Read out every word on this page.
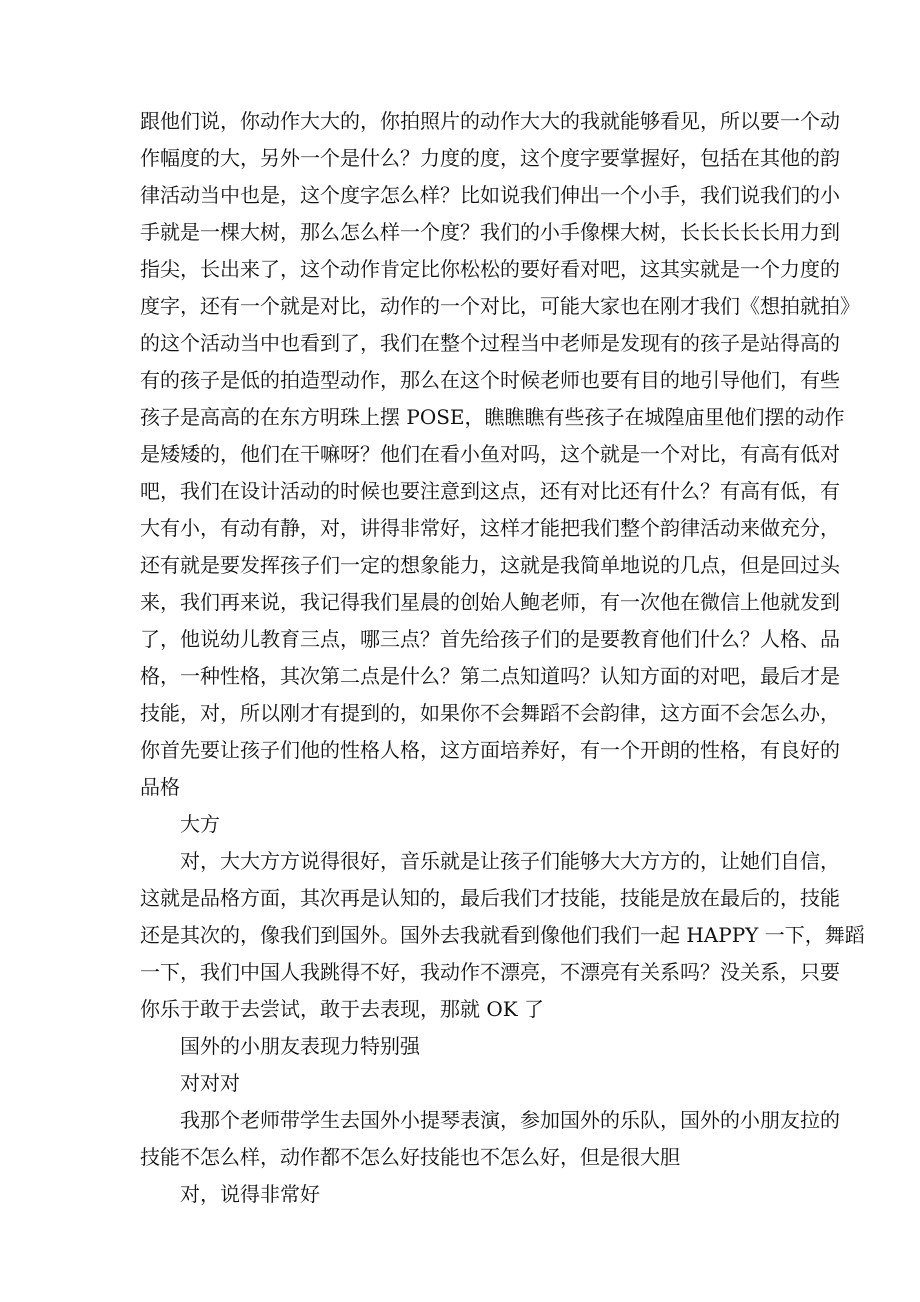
跟他们说，你动作大大的，你拍照片的动作大大的我就能够看见，所以要一个动
作幅度的大，另外一个是什么？力度的度，这个度字要掌握好，包括在其他的韵
律活动当中也是，这个度字怎么样？比如说我们伸出一个小手，我们说我们的小
手就是一棵大树，那么怎么样一个度？我们的小手像棵大树，长长长长长用力到
指尖，长出来了，这个动作肯定比你松松的要好看对吧，这其实就是一个力度的
度字，还有一个就是对比，动作的一个对比，可能大家也在刚才我们《想拍就拍》
的这个活动当中也看到了，我们在整个过程当中老师是发现有的孩子是站得高的
有的孩子是低的拍造型动作，那么在这个时候老师也要有目的地引导他们，有些
孩子是高高的在东方明珠上摆 POSE，瞧瞧瞧有些孩子在城隍庙里他们摆的动作
是矮矮的，他们在干嘛呀？他们在看小鱼对吗，这个就是一个对比，有高有低对
吧，我们在设计活动的时候也要注意到这点，还有对比还有什么？有高有低，有
大有小，有动有静，对，讲得非常好，这样才能把我们整个韵律活动来做充分，
还有就是要发挥孩子们一定的想象能力，这就是我简单地说的几点，但是回过头
来，我们再来说，我记得我们星晨的创始人鲍老师，有一次他在微信上他就发到
了，他说幼儿教育三点，哪三点？首先给孩子们的是要教育他们什么？人格、品
格，一种性格，其次第二点是什么？第二点知道吗？认知方面的对吧，最后才是
技能，对，所以刚才有提到的，如果你不会舞蹈不会韵律，这方面不会怎么办，
你首先要让孩子们他的性格人格，这方面培养好，有一个开朗的性格，有良好的
品格

大方

　　对，大大方方说得很好，音乐就是让孩子们能够大大方方的，让她们自信，
这就是品格方面，其次再是认知的，最后我们才技能，技能是放在最后的，技能
还是其次的，像我们到国外。国外去我就看到像他们我们一起 HAPPY 一下，舞蹈
一下，我们中国人我跳得不好，我动作不漂亮，不漂亮有关系吗？没关系，只要
你乐于敢于去尝试，敢于去表现，那就 OK 了

国外的小朋友表现力特别强

对对对

　　我那个老师带学生去国外小提琴表演，参加国外的乐队，国外的小朋友拉的
技能不怎么样，动作都不怎么好技能也不怎么好，但是很大胆

对，说得非常好
